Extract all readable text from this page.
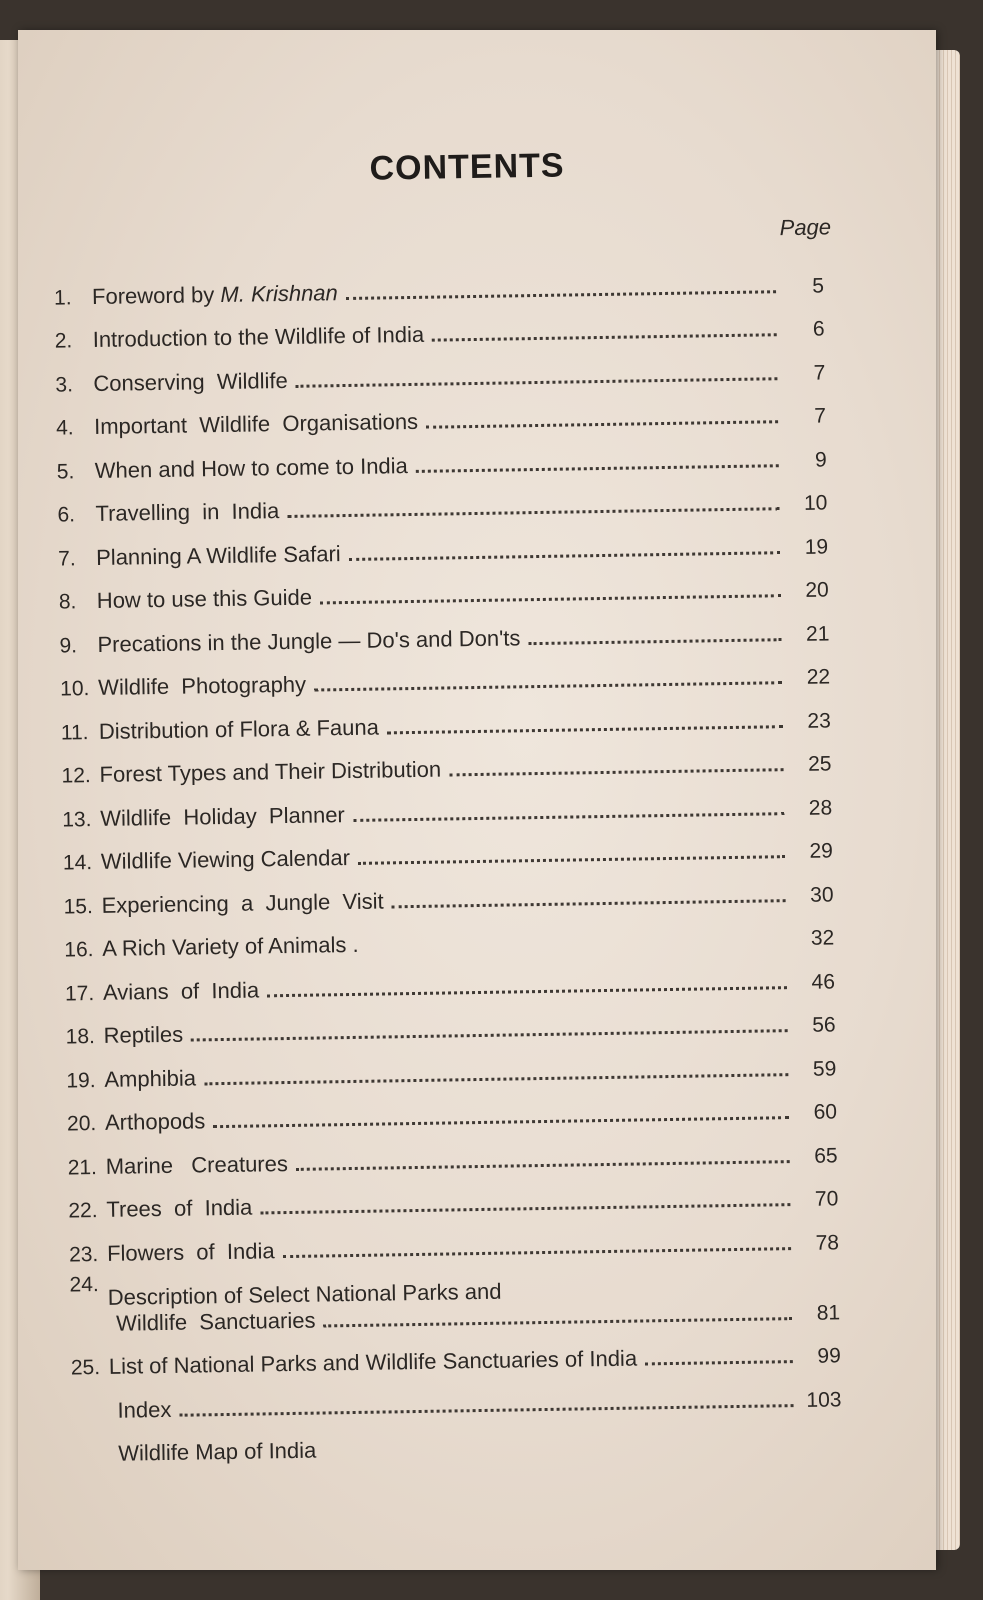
CONTENTS
Page
1. Foreword by M. Krishnan	5
2. Introduction to the Wildlife of India	6
3. Conserving  Wildlife	7
4. Important  Wildlife  Organisations	7
5. When and How to come to India	9
6. Travelling  in  India	10
7. Planning A Wildlife Safari	19
8. How to use this Guide	20
9. Precations in the Jungle — Do's and Don'ts	21
10. Wildlife  Photography	22
11. Distribution of Flora & Fauna	23
12. Forest Types and Their Distribution	25
13. Wildlife  Holiday  Planner	28
14. Wildlife Viewing Calendar	29
15. Experiencing  a  Jungle  Visit	30
16. A Rich Variety of Animals .	32
17. Avians  of  India	46
18. Reptiles	56
19. Amphibia	59
20. Arthopods	60
21. Marine   Creatures	65
22. Trees  of  India	70
23. Flowers  of  India	78
24. Description of Select National Parks and
Wildlife  Sanctuaries	81
25. List of National Parks and Wildlife Sanctuaries of India	99
Index	103
Wildlife Map of India
